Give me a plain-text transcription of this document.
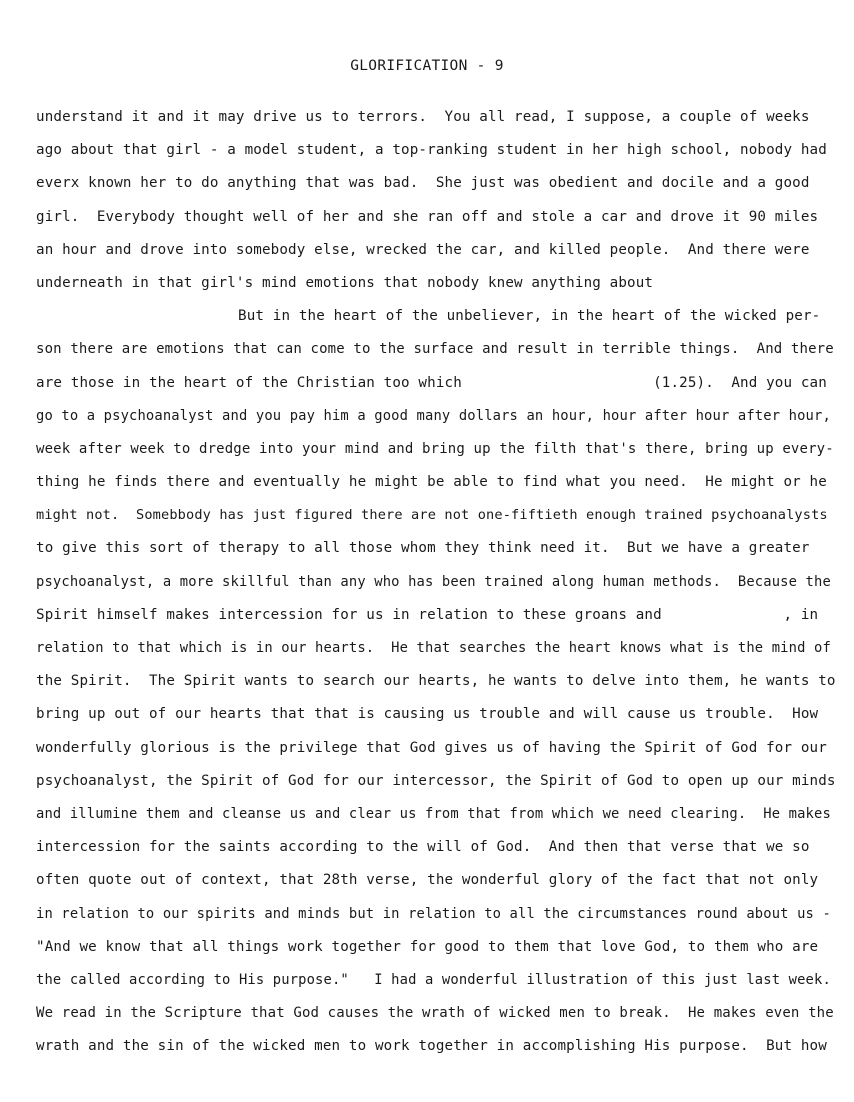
GLORIFICATION - 9
understand it and it may drive us to terrors.  You all read, I suppose, a couple of weeks
ago about that girl - a model student, a top-ranking student in her high school, nobody had
everx known her to do anything that was bad.  She just was obedient and docile and a good
girl.  Everybody thought well of her and she ran off and stole a car and drove it 90 miles
an hour and drove into somebody else, wrecked the car, and killed people.  And there were
underneath in that girl's mind emotions that nobody knew anything about
But in the heart of the unbeliever, in the heart of the wicked per-
son there are emotions that can come to the surface and result in terrible things.  And there
are those in the heart of the Christian too which                      (1.25).  And you can
go to a psychoanalyst and you pay him a good many dollars an hour, hour after hour after hour,
week after week to dredge into your mind and bring up the filth that's there, bring up every-
thing he finds there and eventually he might be able to find what you need.  He might or he
might not.  Somebbody has just figured there are not one-fiftieth enough trained psychoanalysts
to give this sort of therapy to all those whom they think need it.  But we have a greater
psychoanalyst, a more skillful than any who has been trained along human methods.  Because the
Spirit himself makes intercession for us in relation to these groans and              , in
relation to that which is in our hearts.  He that searches the heart knows what is the mind of
the Spirit.  The Spirit wants to search our hearts, he wants to delve into them, he wants to
bring up out of our hearts that that is causing us trouble and will cause us trouble.  How
wonderfully glorious is the privilege that God gives us of having the Spirit of God for our
psychoanalyst, the Spirit of God for our intercessor, the Spirit of God to open up our minds
and illumine them and cleanse us and clear us from that from which we need clearing.  He makes
intercession for the saints according to the will of God.  And then that verse that we so
often quote out of context, that 28th verse, the wonderful glory of the fact that not only
in relation to our spirits and minds but in relation to all the circumstances round about us -
"And we know that all things work together for good to them that love God, to them who are
the called according to His purpose."   I had a wonderful illustration of this just last week.
We read in the Scripture that God causes the wrath of wicked men to break.  He makes even the
wrath and the sin of the wicked men to work together in accomplishing His purpose.  But how
